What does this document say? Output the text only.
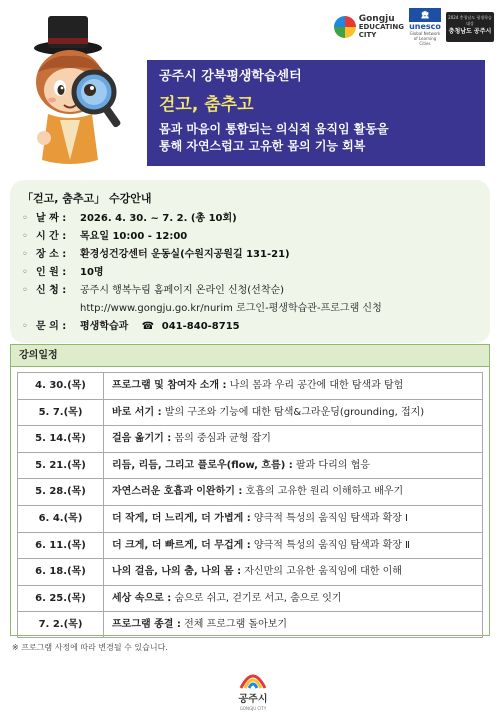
Gongju
EDUCATING
CITY
🏛
unesco
Global Network of Learning Cities
2024 충청남도 평생학습 대상
충청남도 공주시
공주시 강북평생학습센터
걷고, 춤추고
몸과 마음이 통합되는 의식적 움직임 활동을
통해 자연스럽고 고유한 몸의 기능 회복
「걷고, 춤추고」 수강안내
◦ 날 짜 :	2026. 4. 30. ~ 7. 2. (총 10회)
◦ 시 간 :	목요일 10:00 - 12:00
◦ 장 소 :	환경성건강센터 운동실(수원지공원길 131-21)
◦ 인 원 :	10명
◦ 신 청 :	공주시 행복누림 홈페이지 온라인 신청(선착순)
http://www.gongju.go.kr/nurim 로그인-평생학습관-프로그램 신청
◦ 문 의 :	평생학습과 ☎ 041-840-8715
강의일정
4. 30.(목)	프로그램 및 참여자 소개 : 나의 몸과 우리 공간에 대한 탐색과 탐험
5. 7.(목)	바로 서기 : 발의 구조와 기능에 대한 탐색&그라운딩(grounding, 접지)
5. 14.(목)	걸음 옮기기 : 몸의 중심과 균형 잡기
5. 21.(목)	리듬, 리듬, 그리고 플로우(flow, 흐름) : 팔과 다리의 협응
5. 28.(목)	자연스러운 호흡과 이완하기 : 호흡의 고유한 원리 이해하고 배우기
6. 4.(목)	더 작게, 더 느리게, 더 가볍게 : 양극적 특성의 움직임 탐색과 확장 Ⅰ
6. 11.(목)	더 크게, 더 빠르게, 더 무겁게 : 양극적 특성의 움직임 탐색과 확장 Ⅱ
6. 18.(목)	나의 걸음, 나의 춤, 나의 몸 : 자신만의 고유한 움직임에 대한 이해
6. 25.(목)	세상 속으로 : 숨으로 쉬고, 걷기로 서고, 춤으로 잇기
7. 2.(목)	프로그램 종결 : 전체 프로그램 돌아보기
※ 프로그램 사정에 따라 변경될 수 있습니다.
공주시
GONGJU CITY
